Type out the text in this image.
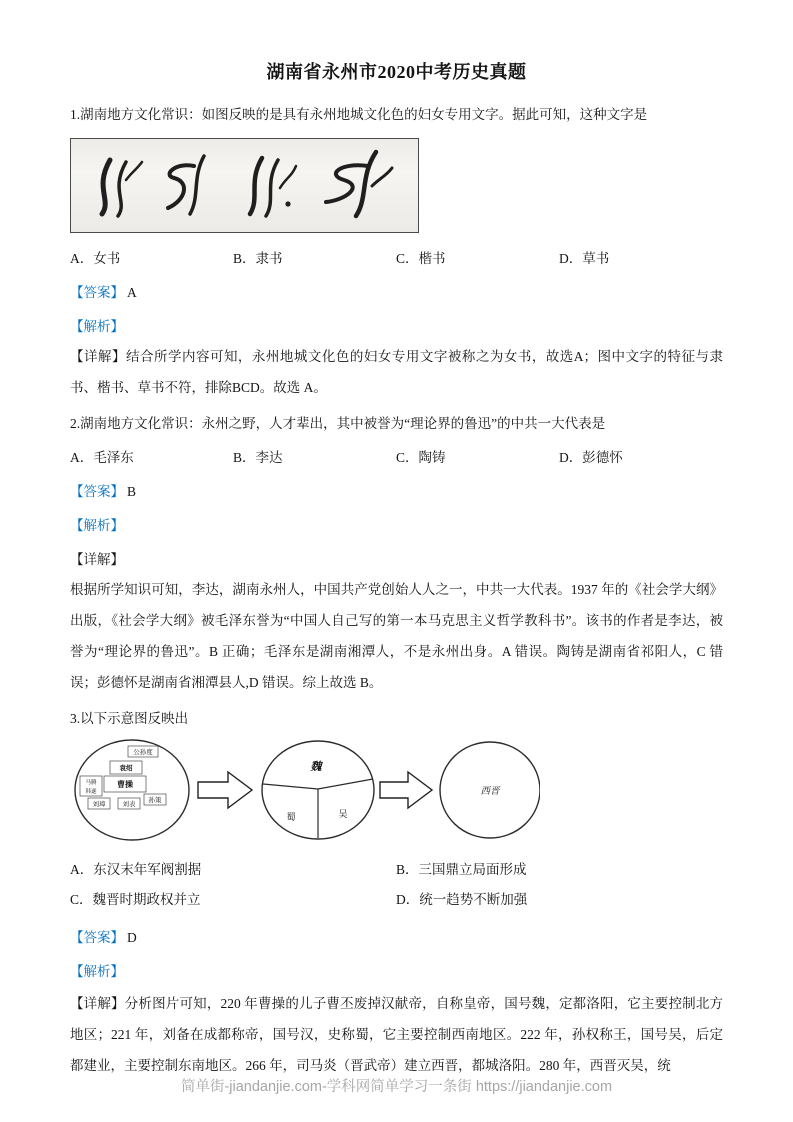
湖南省永州市2020中考历史真题

1.湖南地方文化常识：如图反映的是具有永州地城文化色的妇女专用文字。据此可知，这种文字是

A．女书	B．隶书	C．楷书	D．草书

【答案】 A

【解析】

【详解】结合所学内容可知，永州地城文化色的妇女专用文字被称之为女书，故选A；图中文字的特征与隶书、楷书、草书不符，排除BCD。故选 A。

2.湖南地方文化常识：永州之野，人才辈出，其中被誉为“理论界的鲁迅”的中共一大代表是

A．毛泽东	B．李达	C．陶铸	D．彭德怀

【答案】 B

【解析】

【详解】

根据所学知识可知，李达，湖南永州人，中国共产党创始人人之一，中共一大代表。1937 年的《社会学大纲》出版，《社会学大纲》被毛泽东誉为“中国人自己写的第一本马克思主义哲学教科书”。该书的作者是李达，被誉为“理论界的鲁迅”。B 正确；毛泽东是湖南湘潭人，不是永州出身。A 错误。陶铸是湖南省祁阳人，C 错误；彭德怀是湖南省湘潭县人,D 错误。综上故选 B。

3.以下示意图反映出

公孙度
袁绍
曹操
马腾
韩遂
刘璋	刘表
孙策
魏
蜀	吴
西晋
A．东汉末年军阀割据	B．三国鼎立局面形成
C．魏晋时期政权并立	D．统一趋势不断加强

【答案】 D

【解析】

【详解】分析图片可知，220 年曹操的儿子曹丕废掉汉献帝，自称皇帝，国号魏，定都洛阳，它主要控制北方地区；221 年，刘备在成都称帝，国号汉，史称蜀，它主要控制西南地区。222 年，孙权称王，国号吴，后定都建业，主要控制东南地区。266 年，司马炎（晋武帝）建立西晋，都城洛阳。280 年，西晋灭吴，统

简单街-jiandanjie.com-学科网简单学习一条街 https://jiandanjie.com
